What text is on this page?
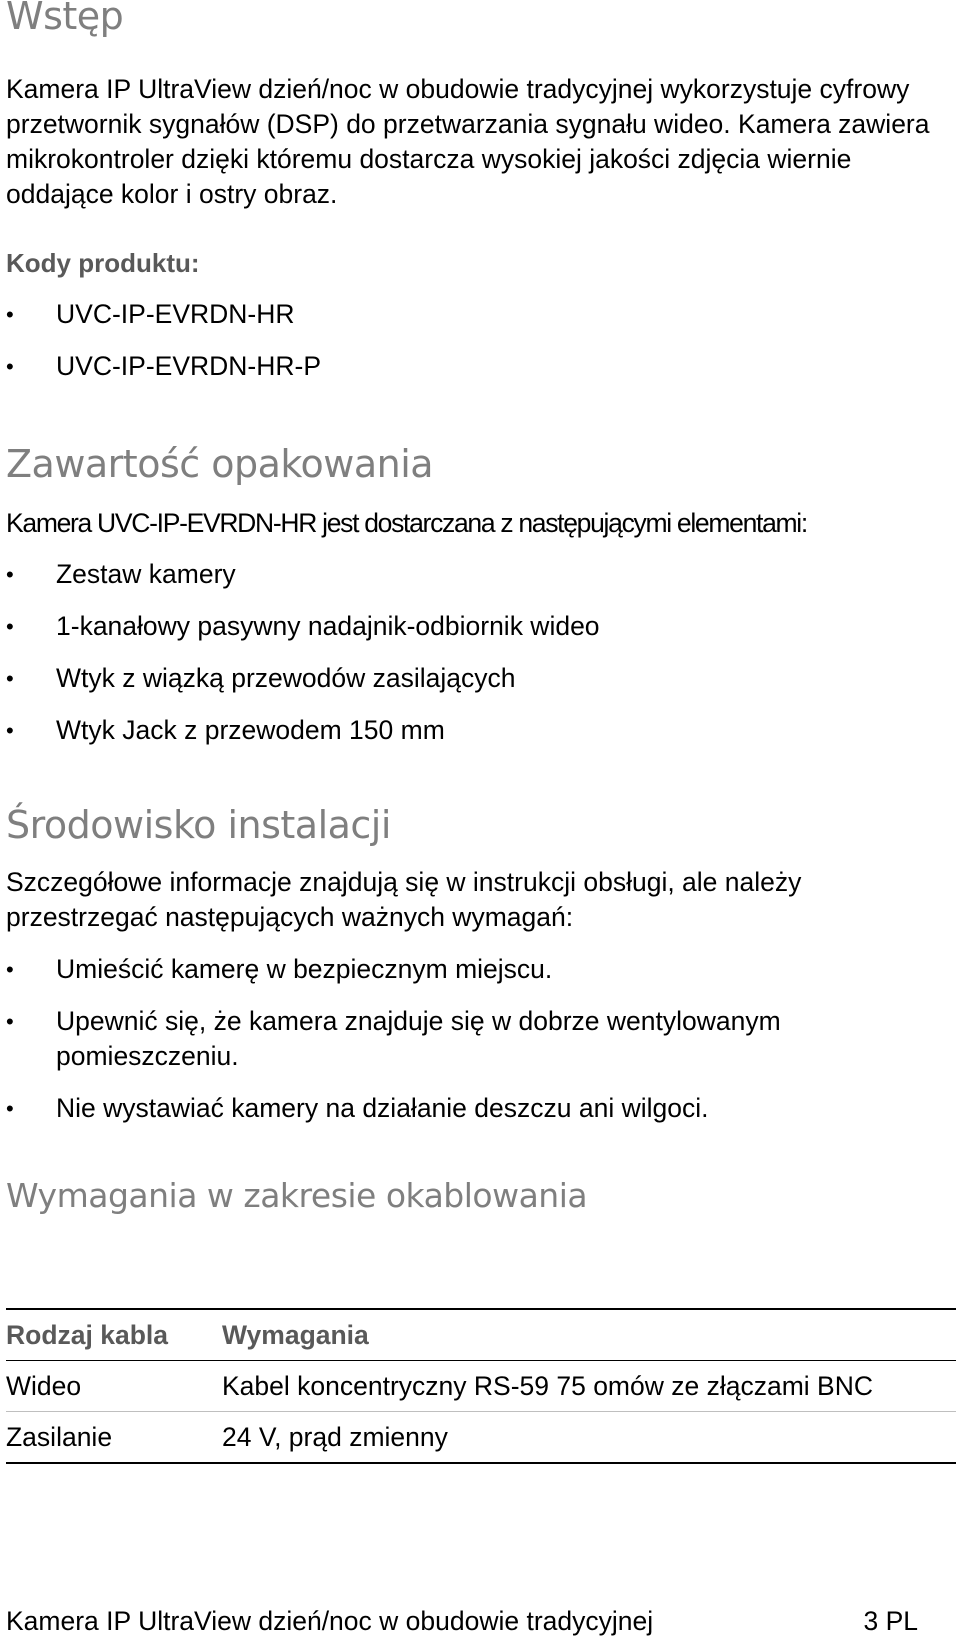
Wstęp

Kamera IP UltraView dzień/noc w obudowie tradycyjnej wykorzystuje cyfrowy przetwornik sygnałów (DSP) do przetwarzania sygnału wideo. Kamera zawiera mikrokontroler dzięki któremu dostarcza wysokiej jakości zdjęcia wiernie oddające kolor i ostry obraz.

Kody produktu:

• UVC-IP-EVRDN-HR
• UVC-IP-EVRDN-HR-P
Zawartość opakowania

Kamera UVC-IP-EVRDN-HR jest dostarczana z następującymi elementami:

• Zestaw kamery
• 1-kanałowy pasywny nadajnik-odbiornik wideo
• Wtyk z wiązką przewodów zasilających
• Wtyk Jack z przewodem 150 mm
Środowisko instalacji

Szczegółowe informacje znajdują się w instrukcji obsługi, ale należy przestrzegać następujących ważnych wymagań:

• Umieścić kamerę w bezpiecznym miejscu.
• Upewnić się, że kamera znajduje się w dobrze wentylowanym pomieszczeniu.
• Nie wystawiać kamery na działanie deszczu ani wilgoci.
Wymagania w zakresie okablowania
Rodzaj kabla	Wymagania
Wideo	Kabel koncentryczny RS-59 75 omów ze złączami BNC
Zasilanie	24 V, prąd zmienny
Kamera IP UltraView dzień/noc w obudowie tradycyjnej	3 PL
